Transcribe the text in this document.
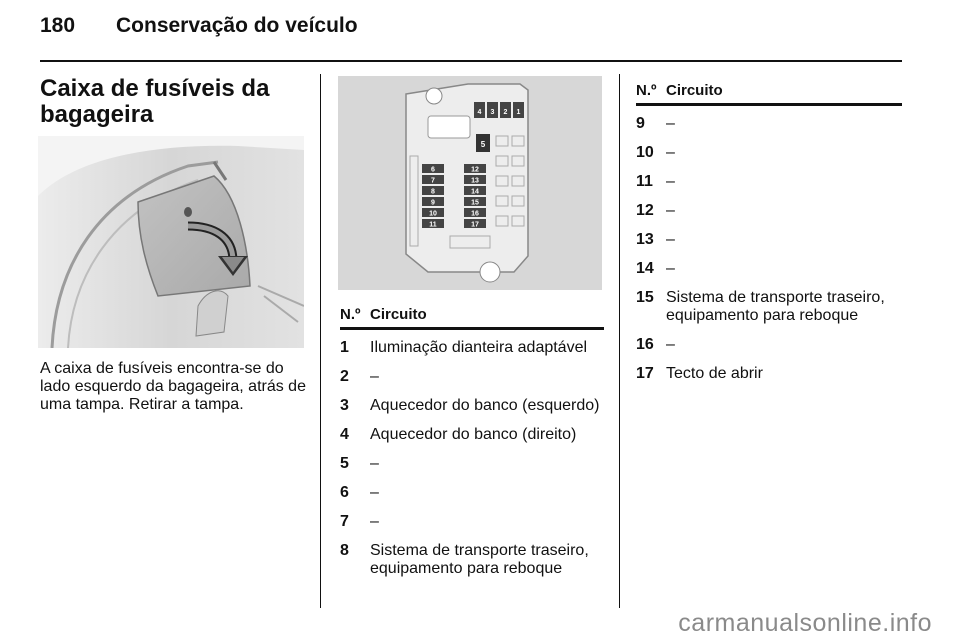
180 Conservação do veículo
Caixa de fusíveis da bagageira
A caixa de fusíveis encontra-se do lado esquerdo da bagageira, atrás de uma tampa. Retirar a tampa.
4 3 2 1
5
6
7
8
9
10
11
12
13
14
15
16
17
N.º Circuito
1	Iluminação dianteira adaptável
2	–
3	Aquecedor do banco (esquerdo)
4	Aquecedor do banco (direito)
5	–
6	–
7	–
8	Sistema de transporte traseiro, equipamento para reboque
N.º Circuito
9	–
10 –
11 –
12 –
13 –
14 –
15 Sistema de transporte traseiro, equipamento para reboque
16 –
17 Tecto de abrir
carmanualsonline.info
